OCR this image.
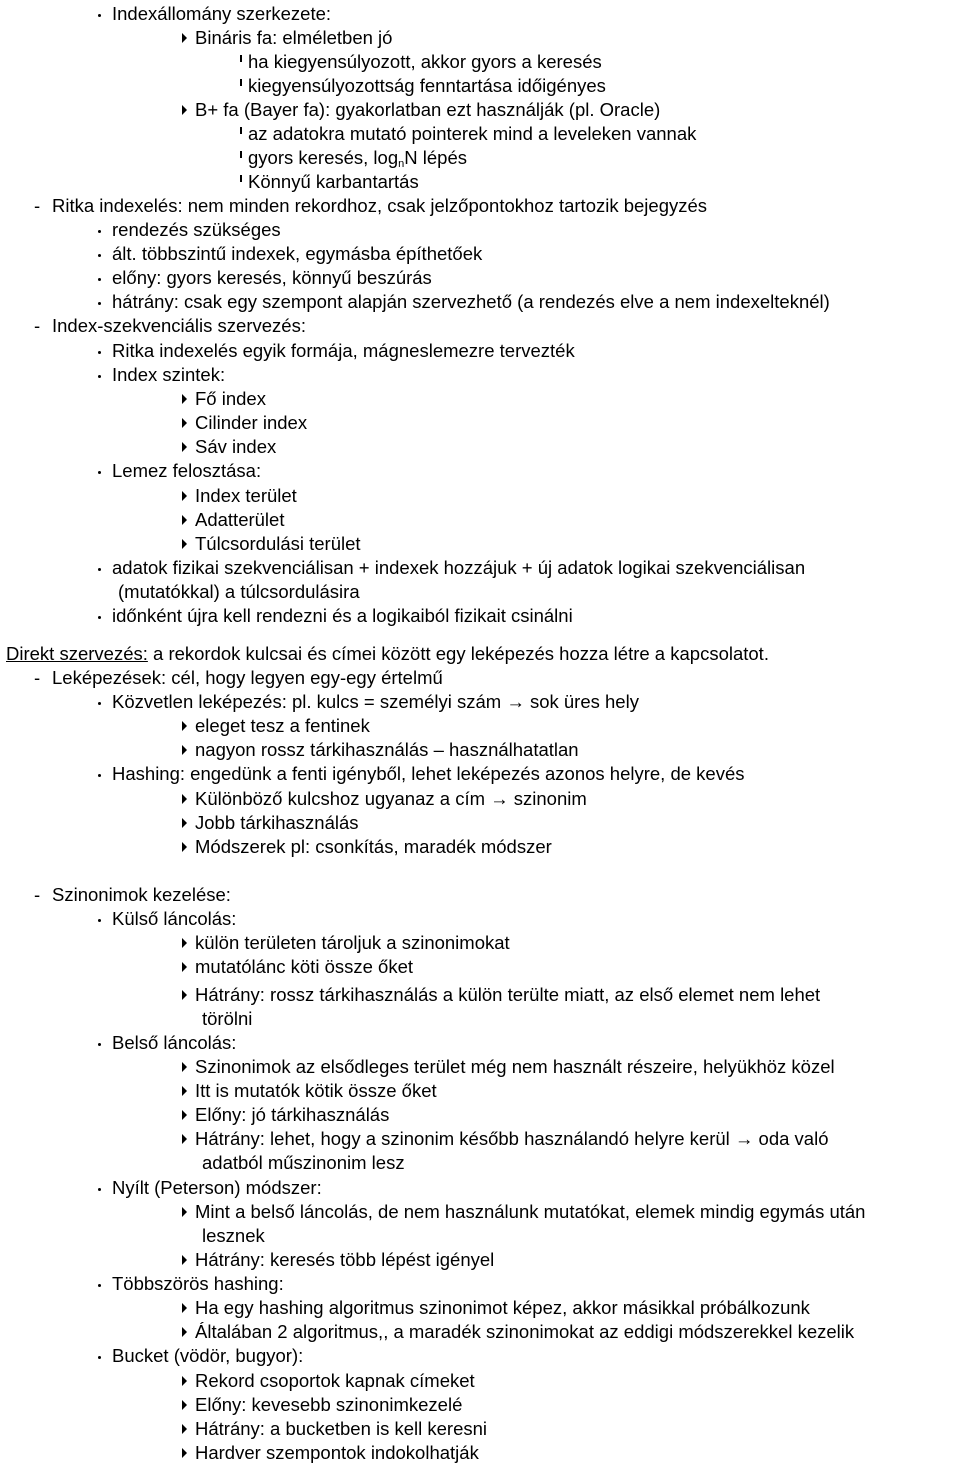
Indexállomány szerkezete:
Bináris fa: elméletben jó
ha kiegyensúlyozott, akkor gyors a keresés
kiegyensúlyozottság fenntartása időigényes
B+ fa (Bayer fa): gyakorlatban ezt használják (pl. Oracle)
az adatokra mutató pointerek mind a leveleken vannak
gyors keresés, $\log_nN$ lépés
Könnyű karbantartás
Ritka indexelés: nem minden rekordhoz, csak jelzőpontokhoz tartozik bejegyzés
-
rendezés szükséges
ált. többszintű indexek, egymásba építhetőek
előny: gyors keresés, könnyű beszúrás
hátrány: csak egy szempont alapján szervezhető (a rendezés elve a nem indexelteknél)
Index-szekvenciális szervezés:
-
Ritka indexelés egyik formája, mágneslemezre tervezték
Index szintek:
Fő index
Cilinder index
Sáv index
Lemez felosztása:
Index terület
Adatterület
Túlcsordulási terület
adatok fizikai szekvenciálisan + indexek hozzájuk + új adatok logikai szekvenciálisan
(mutatókkal) a túlcsordulásira
időnként újra kell rendezni és a logikaiból fizikait csinálni
Direkt szervezés: a rekordok kulcsai és címei között egy leképezés hozza létre a kapcsolatot.
Leképezések: cél, hogy legyen egy-egy értelmű
-
Közvetlen leképezés: pl. kulcs = személyi szám → sok üres hely
eleget tesz a fentinek
nagyon rossz tárkihasználás – használhatatlan
Hashing: engedünk a fenti igényből, lehet leképezés azonos helyre, de kevés
Különböző kulcshoz ugyanaz a cím → szinonim
Jobb tárkihasználás
Módszerek pl: csonkítás, maradék módszer
Szinonimok kezelése:
-
Külső láncolás:
külön területen tároljuk a szinonimokat
mutatólánc köti össze őket
Hátrány: rossz tárkihasználás a külön terülte miatt, az első elemet nem lehet
törölni
Belső láncolás:
Szinonimok az elsődleges terület még nem használt részeire, helyükhöz közel
Itt is mutatók kötik össze őket
Előny: jó tárkihasználás
Hátrány: lehet, hogy a szinonim később használandó helyre kerül → oda való
adatból műszinonim lesz
Nyílt (Peterson) módszer:
Mint a belső láncolás, de nem használunk mutatókat, elemek mindig egymás után
lesznek
Hátrány: keresés több lépést igényel
Többszörös hashing:
Ha egy hashing algoritmus szinonimot képez, akkor másikkal próbálkozunk
Általában 2 algoritmus,, a maradék szinonimokat az eddigi módszerekkel kezelik
Bucket (vödör, bugyor):
Rekord csoportok kapnak címeket
Előny: kevesebb szinonimkezelé
Hátrány: a bucketben is kell keresni
Hardver szempontok indokolhatják
